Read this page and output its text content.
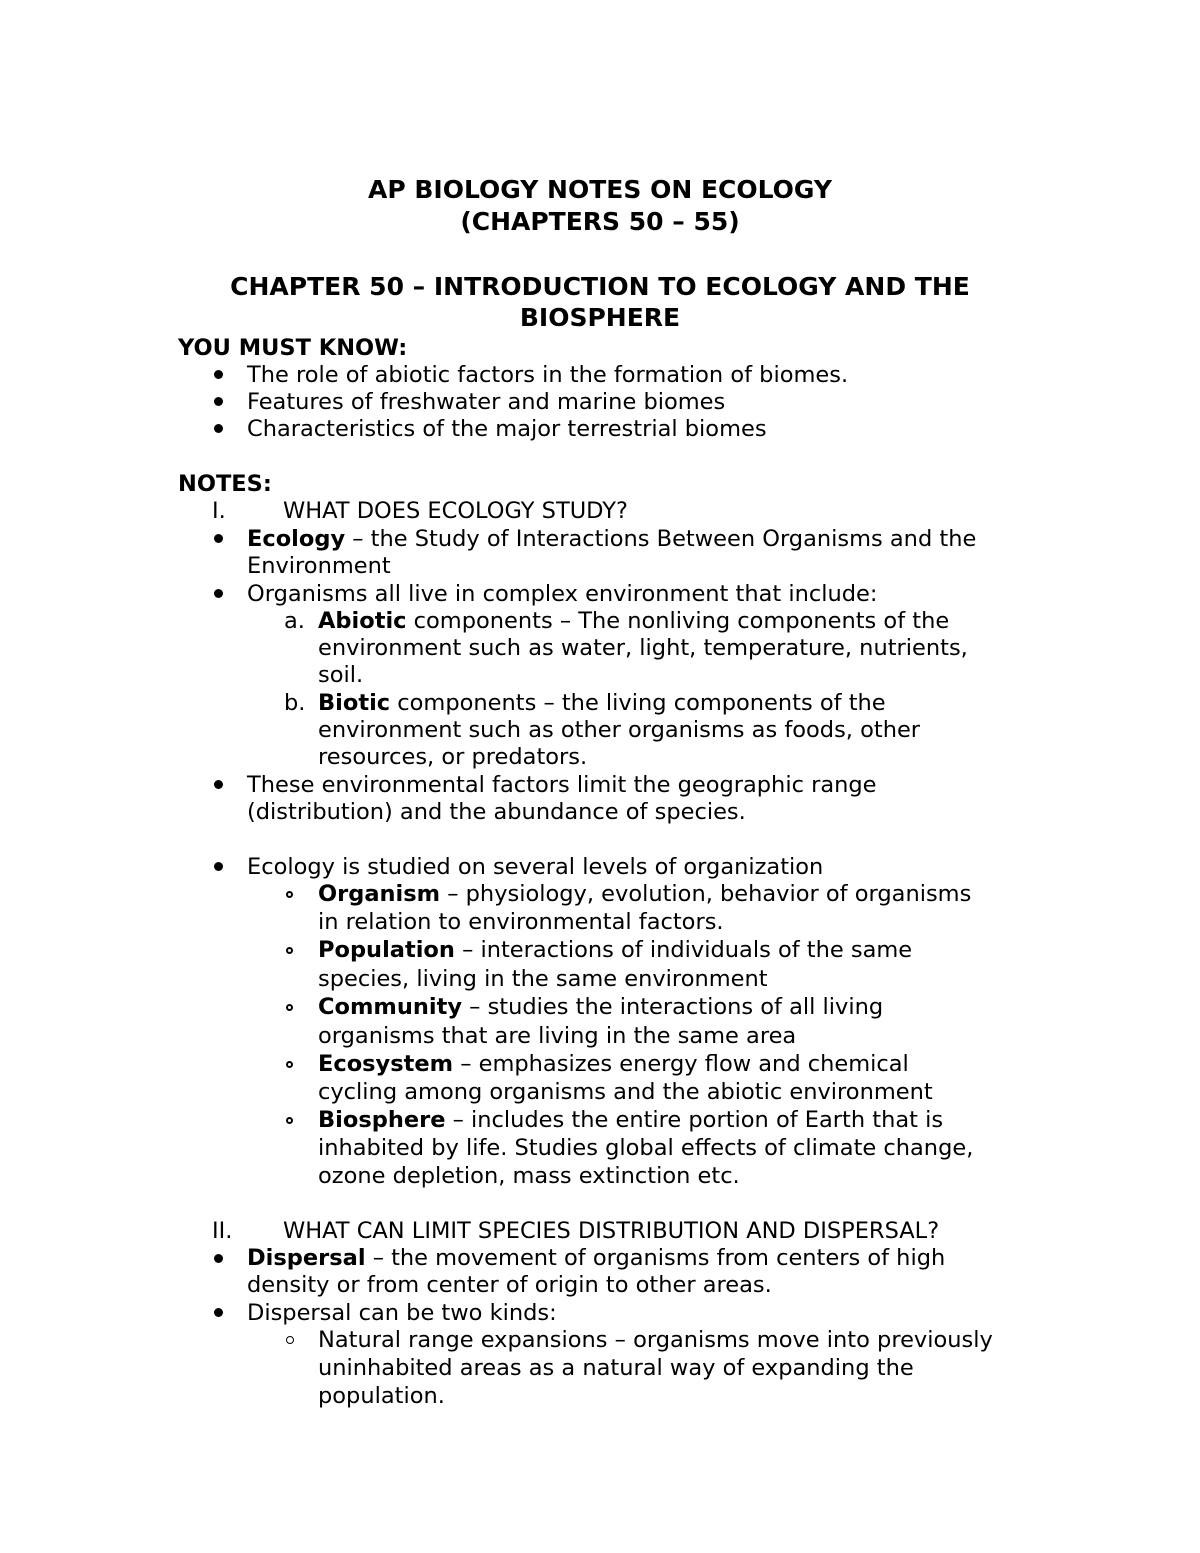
AP BIOLOGY NOTES ON ECOLOGY
(CHAPTERS 50 – 55)
CHAPTER 50 – INTRODUCTION TO ECOLOGY AND THE
BIOSPHERE
YOU MUST KNOW:
The role of abiotic factors in the formation of biomes.
Features of freshwater and marine biomes
Characteristics of the major terrestrial biomes
NOTES:
I.	WHAT DOES ECOLOGY STUDY?
Ecology – the Study of Interactions Between Organisms and the
Environment
Organisms all live in complex environment that include:
a. Abiotic components – The nonliving components of the
environment such as water, light, temperature, nutrients,
soil.
b. Biotic components – the living components of the
environment such as other organisms as foods, other
resources, or predators.
These environmental factors limit the geographic range
(distribution) and the abundance of species.
Ecology is studied on several levels of organization
Organism – physiology, evolution, behavior of organisms
in relation to environmental factors.
Population – interactions of individuals of the same
species, living in the same environment
Community – studies the interactions of all living
organisms that are living in the same area
Ecosystem – emphasizes energy flow and chemical
cycling among organisms and the abiotic environment
Biosphere – includes the entire portion of Earth that is
inhabited by life. Studies global effects of climate change,
ozone depletion, mass extinction etc.
II. WHAT CAN LIMIT SPECIES DISTRIBUTION AND DISPERSAL?
Dispersal – the movement of organisms from centers of high
density or from center of origin to other areas.
Dispersal can be two kinds:
Natural range expansions – organisms move into previously
uninhabited areas as a natural way of expanding the
population.
